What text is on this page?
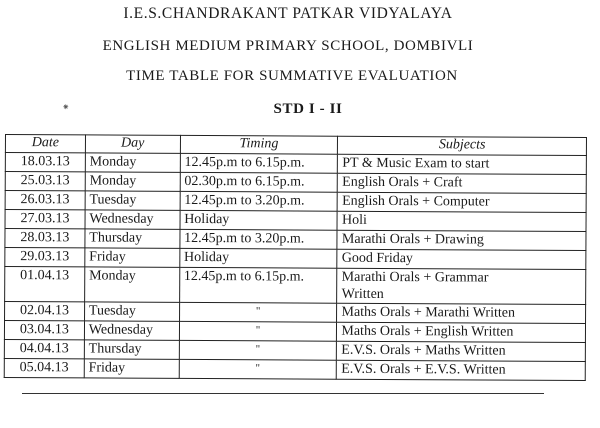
I.E.S.CHANDRAKANT PATKAR VIDYALAYA
ENGLISH MEDIUM PRIMARY SCHOOL, DOMBIVLI
TIME TABLE FOR SUMMATIVE EVALUATION
STD I - II
⁕
Date	Day	Timing	Subjects
18.03.13	Monday	12.45p.m to 6.15p.m.	PT & Music Exam to start
25.03.13	Monday	02.30p.m to 6.15p.m.	English Orals + Craft
26.03.13	Tuesday	12.45p.m to 3.20p.m.	English Orals + Computer
27.03.13	Wednesday	Holiday	Holi
28.03.13	Thursday	12.45p.m to 3.20p.m.	Marathi Orals + Drawing
29.03.13	Friday	Holiday	Good Friday
01.04.13	Monday	12.45p.m to 6.15p.m.	Marathi Orals + Grammar
Written

02.04.13	Tuesday	"	Maths Orals + Marathi Written
03.04.13	Wednesday	"	Maths Orals + English Written
04.04.13	Thursday	"	E.V.S. Orals + Maths Written
05.04.13	Friday	"	E.V.S. Orals + E.V.S. Written
